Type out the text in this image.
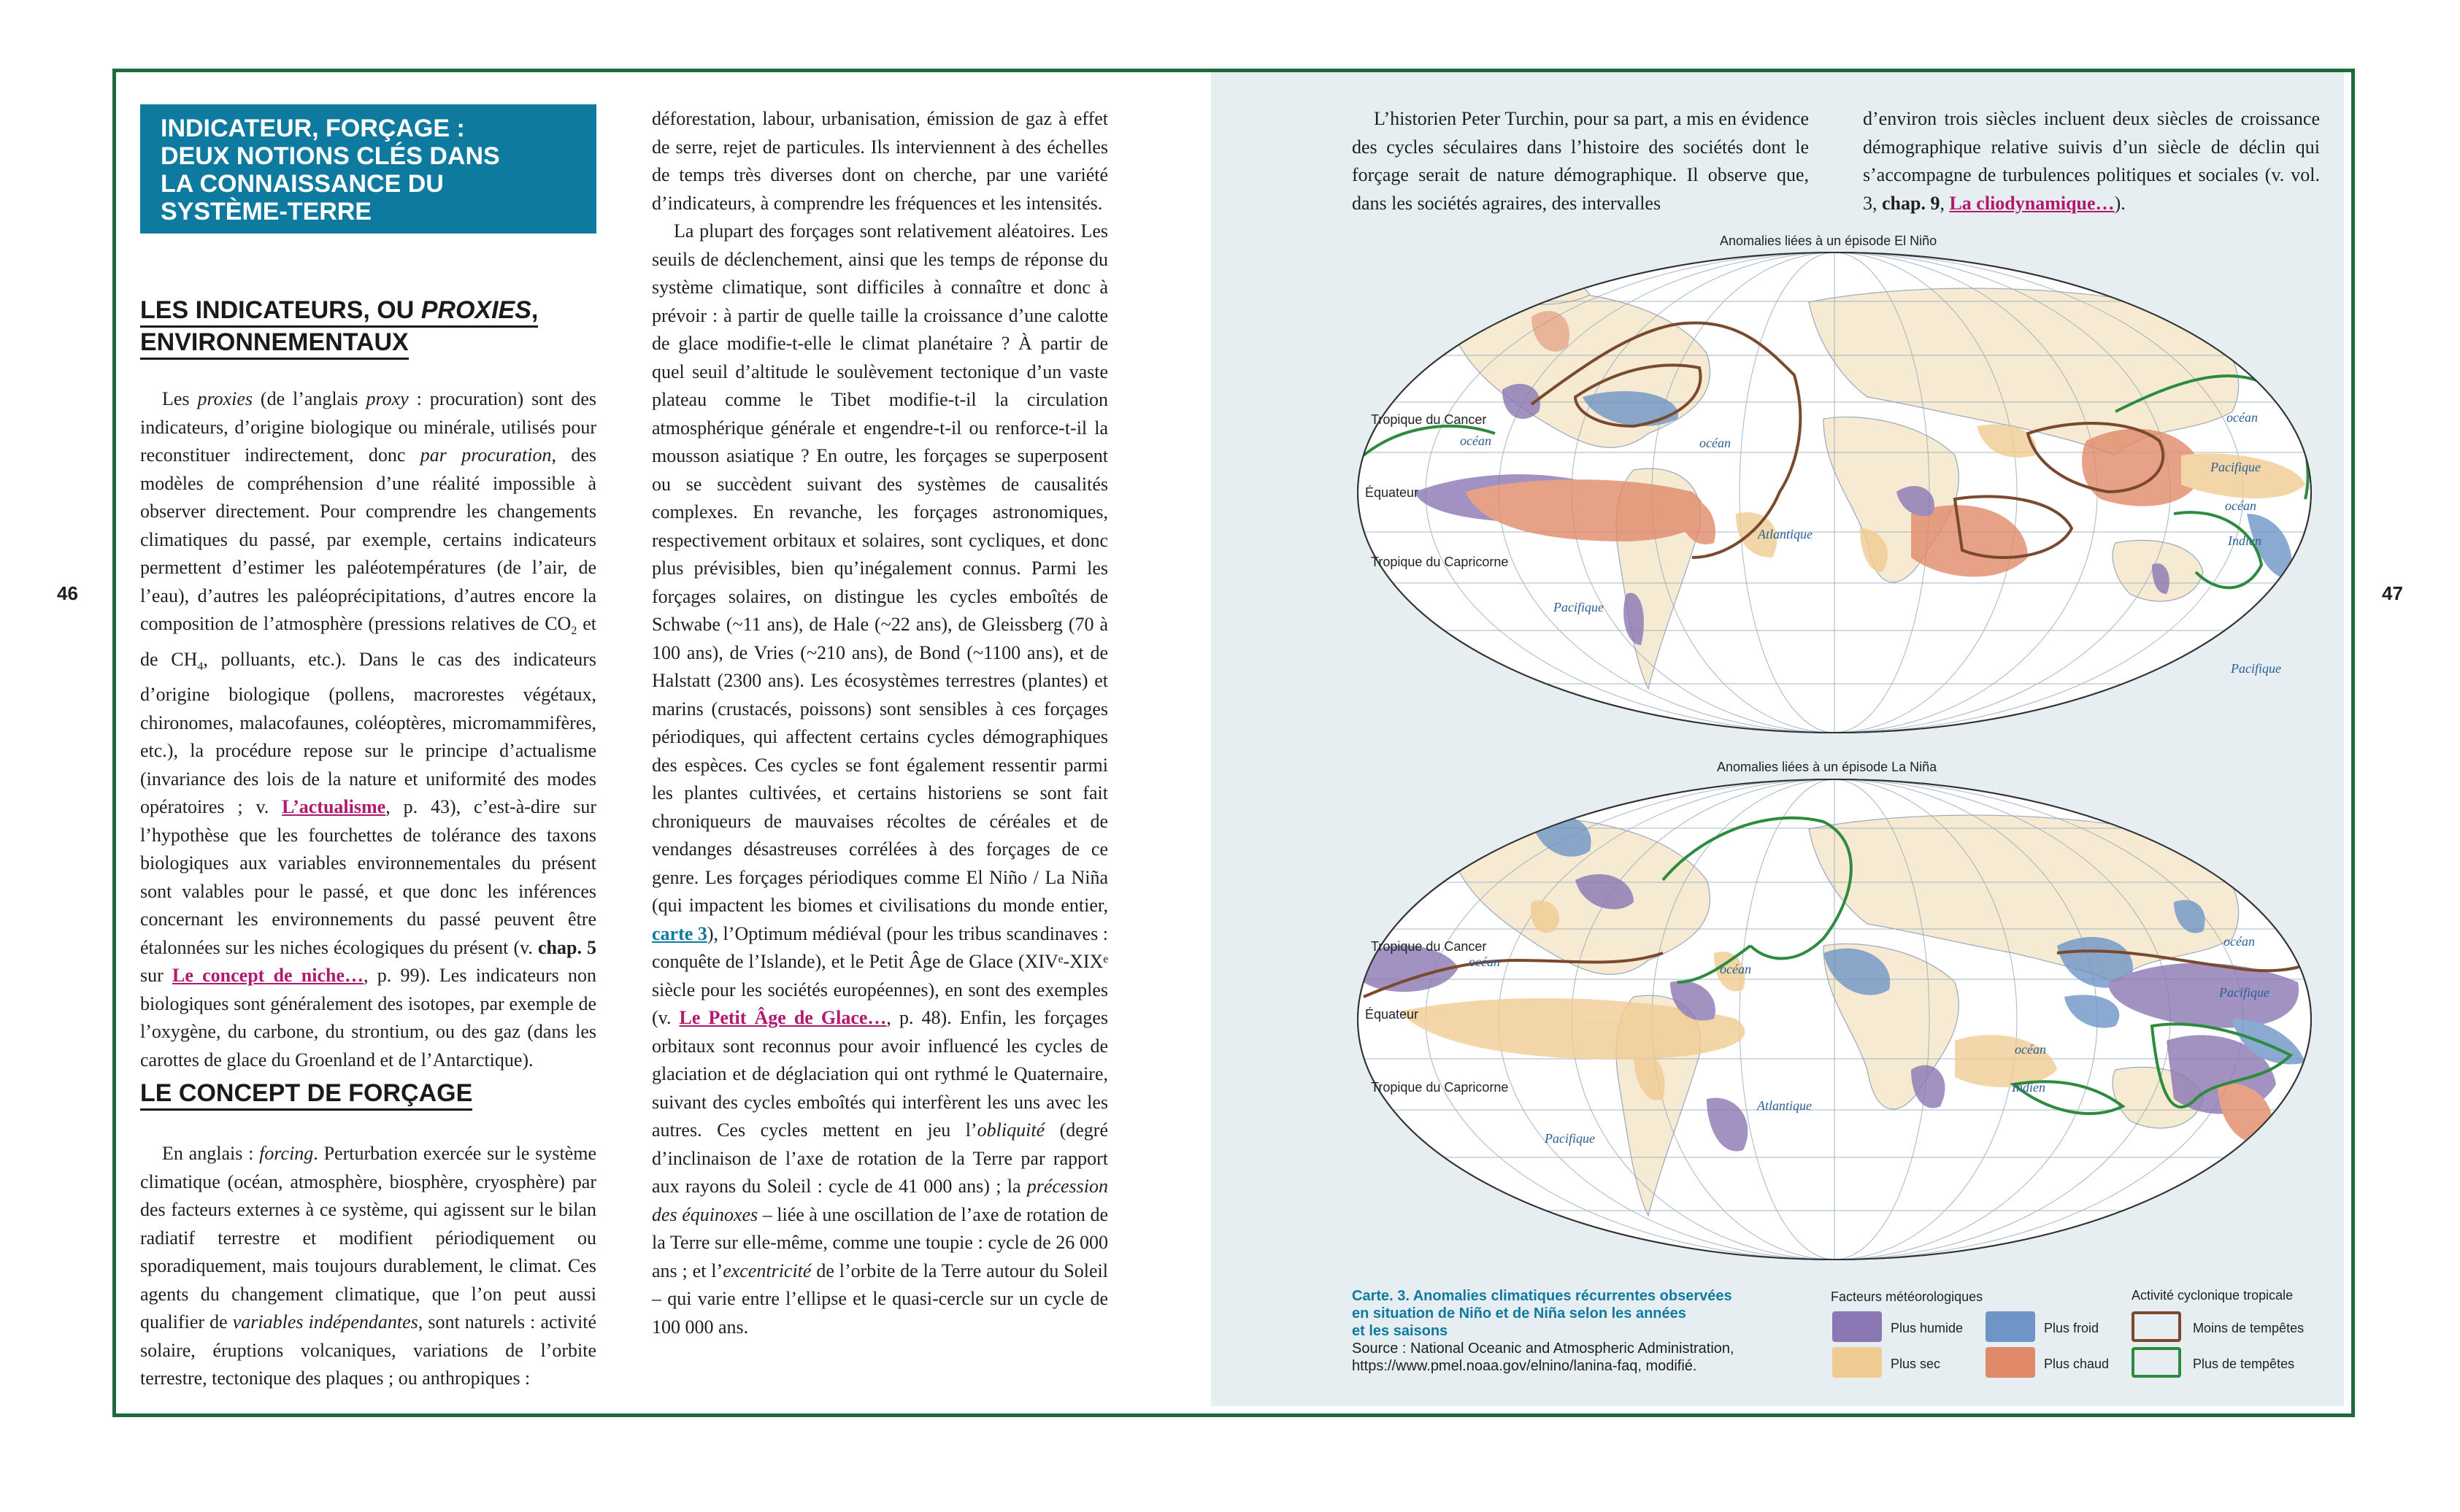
46	47
INDICATEUR, FORÇAGE :
DEUX NOTIONS CLÉS DANS
LA CONNAISSANCE DU
SYSTÈME-TERRE
LES INDICATEURS, OU PROXIES,
ENVIRONNEMENTAUX

Les proxies (de l’anglais proxy : procuration) sont des indicateurs, d’origine biologique ou minérale, utilisés pour reconstituer indirectement, donc par procuration, des modèles de compréhension d’une réalité impossible à observer directement. Pour comprendre les changements climatiques du passé, par exemple, certains indicateurs permettent d’estimer les paléotempératures (de l’air, de l’eau), d’autres les paléoprécipitations, d’autres encore la composition de l’atmosphère (pressions relatives de $CO_2$ et de $CH_4$, polluants, etc.). Dans le cas des indicateurs d’origine biologique (pollens, macrorestes végétaux, chironomes, malacofaunes, coléoptères, micromammifères, etc.), la procédure repose sur le principe d’actualisme (invariance des lois de la nature et uniformité des modes opératoires ; v. L’actualisme, p. 43), c’est-à-dire sur l’hypothèse que les fourchettes de tolérance des taxons biologiques aux variables environnementales du présent sont valables pour le passé, et que donc les inférences concernant les environnements du passé peuvent être étalonnées sur les niches écologiques du présent (v. chap. 5 sur Le concept de niche…, p. 99). Les indicateurs non biologiques sont généralement des isotopes, par exemple de l’oxygène, du carbone, du strontium, ou des gaz (dans les carottes de glace du Groenland et de l’Antarctique).

LE CONCEPT DE FORÇAGE

En anglais : forcing. Perturbation exercée sur le système climatique (océan, atmosphère, biosphère, cryosphère) par des facteurs externes à ce système, qui agissent sur le bilan radiatif terrestre et modifient périodiquement ou sporadiquement, mais toujours durablement, le climat. Ces agents du changement climatique, que l’on peut aussi qualifier de variables indépendantes, sont naturels : activité solaire, éruptions volcaniques, variations de l’orbite terrestre, tectonique des plaques ; ou anthropiques :

déforestation, labour, urbanisation, émission de gaz à effet de serre, rejet de particules. Ils interviennent à des échelles de temps très diverses dont on cherche, par une variété d’indicateurs, à comprendre les fréquences et les intensités.

La plupart des forçages sont relativement aléatoires. Les seuils de déclenchement, ainsi que les temps de réponse du système climatique, sont difficiles à connaître et donc à prévoir : à partir de quelle taille la croissance d’une calotte de glace modifie-t-elle le climat planétaire ? À partir de quel seuil d’altitude le soulèvement tectonique d’un vaste plateau comme le Tibet modifie-t-il la circulation atmosphérique générale et engendre-t-il ou renforce-t-il la mousson asiatique ? En outre, les forçages se superposent ou se succèdent suivant des systèmes de causalités complexes. En revanche, les forçages astronomiques, respectivement orbitaux et solaires, sont cycliques, et donc plus prévisibles, bien qu’inégalement connus. Parmi les forçages solaires, on distingue les cycles emboîtés de Schwabe (~11 ans), de Hale (~22 ans), de Gleissberg (70 à 100 ans), de Vries (~210 ans), de Bond (~1100 ans), et de Halstatt (2300 ans). Les écosystèmes terrestres (plantes) et marins (crustacés, poissons) sont sensibles à ces forçages périodiques, qui affectent certains cycles démographiques des espèces. Ces cycles se font également ressentir parmi les plantes cultivées, et certains historiens se sont fait chroniqueurs de mauvaises récoltes de céréales et de vendanges désastreuses corrélées à des forçages de ce genre. Les forçages périodiques comme El Niño / La Niña (qui impactent les biomes et civilisations du monde entier, carte 3), l’Optimum médiéval (pour les tribus scandinaves : conquête de l’Islande), et le Petit Âge de Glace (XIVᵉ-XIXᵉ siècle pour les sociétés européennes), en sont des exemples (v. Le Petit Âge de Glace…, p. 48). Enfin, les forçages orbitaux sont reconnus pour avoir influencé les cycles de glaciation et de déglaciation qui ont rythmé le Quaternaire, suivant des cycles emboîtés qui interfèrent les uns avec les autres. Ces cycles mettent en jeu l’obliquité (degré d’inclinaison de l’axe de rotation de la Terre par rapport aux rayons du Soleil : cycle de 41 000 ans) ; la précession des équinoxes – liée à une oscillation de l’axe de rotation de la Terre sur elle-même, comme une toupie : cycle de 26 000 ans ; et l’excentricité de l’orbite de la Terre autour du Soleil – qui varie entre l’ellipse et le quasi-cercle sur un cycle de 100 000 ans.

L’historien Peter Turchin, pour sa part, a mis en évidence des cycles séculaires dans l’histoire des sociétés dont le forçage serait de nature démographique. Il observe que, dans les sociétés agraires, des intervalles

d’environ trois siècles incluent deux siècles de croissance démographique relative suivis d’un siècle de déclin qui s’accompagne de turbulences politiques et sociales (v. vol. 3, chap. 9, La cliodynamique…).

Anomalies liées à un épisode El Niño
Tropique du Cancer
Équateur
Tropique du Capricorne
océan	océan
océan
Pacifique
Atlantique	Indien
océan
Pacifique
Pacifique
Anomalies liées à un épisode La Niña
Tropique du Cancer
Équateur
Tropique du Capricorne
océan	océan
océan
Pacifique
Atlantique
océan
Indien
Pacifique
Carte. 3. Anomalies climatiques récurrentes observées
en situation de Niño et de Niña selon les années
et les saisons
Source : National Oceanic and Atmospheric Administration,
https://www.pmel.noaa.gov/elnino/lanina-faq, modifié.
Facteurs météorologiques	Activité cyclonique tropicale
Plus humide
Plus sec
Plus froid
Plus chaud
Moins de tempêtes
Plus de tempêtes
